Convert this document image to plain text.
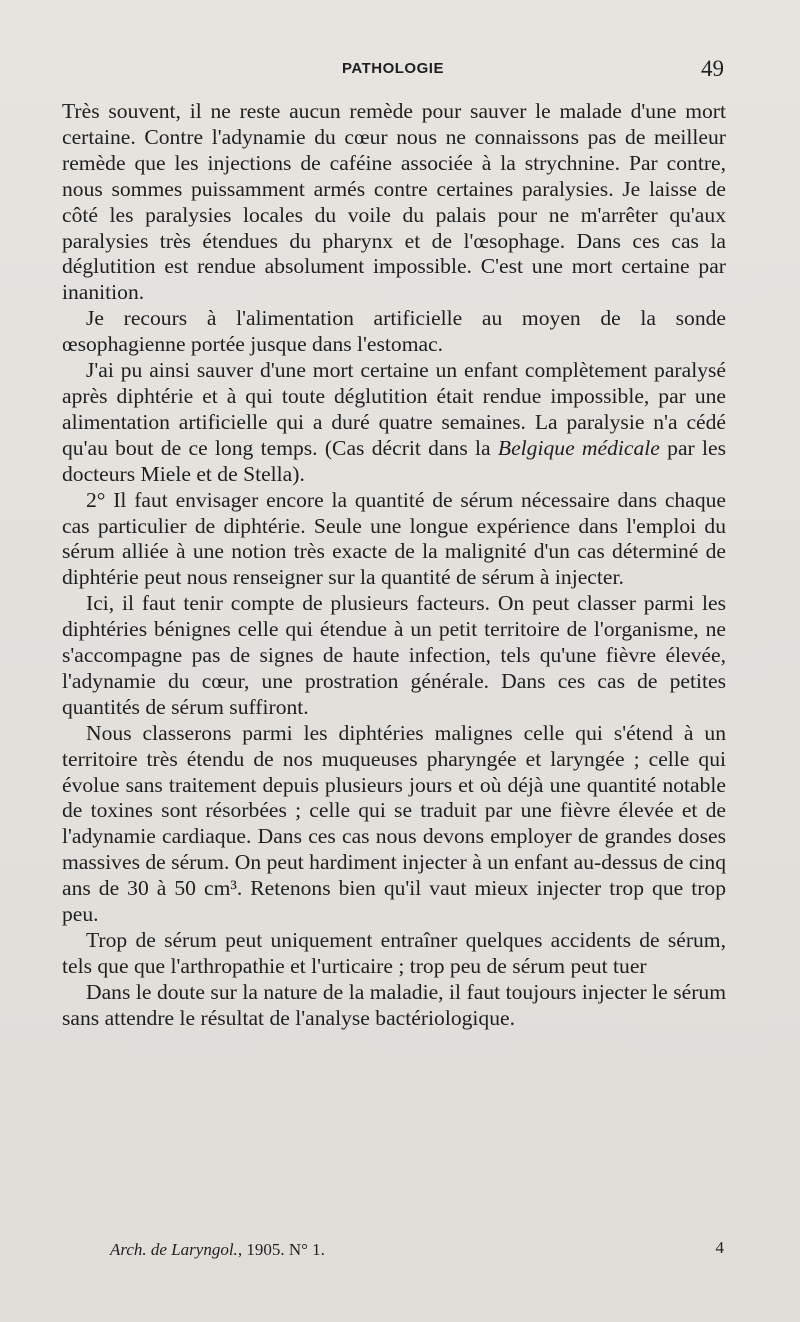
PATHOLOGIE	49

Très souvent, il ne reste aucun remède pour sauver le malade d'une mort certaine. Contre l'adynamie du cœur nous ne connaissons pas de meilleur remède que les injections de caféine associée à la strychnine. Par contre, nous sommes puissamment armés contre certaines paralysies. Je laisse de côté les paralysies locales du voile du palais pour ne m'arrêter qu'aux paralysies très étendues du pharynx et de l'œsophage. Dans ces cas la déglutition est rendue absolument impossible. C'est une mort certaine par inanition.

Je recours à l'alimentation artificielle au moyen de la sonde œsophagienne portée jusque dans l'estomac.

J'ai pu ainsi sauver d'une mort certaine un enfant complètement paralysé après diphtérie et à qui toute déglutition était rendue impossible, par une alimentation artificielle qui a duré quatre semaines. La paralysie n'a cédé qu'au bout de ce long temps. (Cas décrit dans la Belgique médicale par les docteurs Miele et de Stella).

2° Il faut envisager encore la quantité de sérum nécessaire dans chaque cas particulier de diphtérie. Seule une longue expérience dans l'emploi du sérum alliée à une notion très exacte de la malignité d'un cas déterminé de diphtérie peut nous renseigner sur la quantité de sérum à injecter.

Ici, il faut tenir compte de plusieurs facteurs. On peut classer parmi les diphtéries bénignes celle qui étendue à un petit territoire de l'organisme, ne s'accompagne pas de signes de haute infection, tels qu'une fièvre élevée, l'adynamie du cœur, une prostration générale. Dans ces cas de petites quantités de sérum suffiront.

Nous classerons parmi les diphtéries malignes celle qui s'étend à un territoire très étendu de nos muqueuses pharyngée et laryngée ; celle qui évolue sans traitement depuis plusieurs jours et où déjà une quantité notable de toxines sont résorbées ; celle qui se traduit par une fièvre élevée et de l'adynamie cardiaque. Dans ces cas nous devons employer de grandes doses massives de sérum. On peut hardiment injecter à un enfant au-dessus de cinq ans de 30 à 50 cm³. Retenons bien qu'il vaut mieux injecter trop que trop peu.

Trop de sérum peut uniquement entraîner quelques accidents de sérum, tels que que l'arthropathie et l'urticaire ; trop peu de sérum peut tuer

Dans le doute sur la nature de la maladie, il faut toujours injecter le sérum sans attendre le résultat de l'analyse bactériologique.

Arch. de Laryngol., 1905. N° 1.	4
